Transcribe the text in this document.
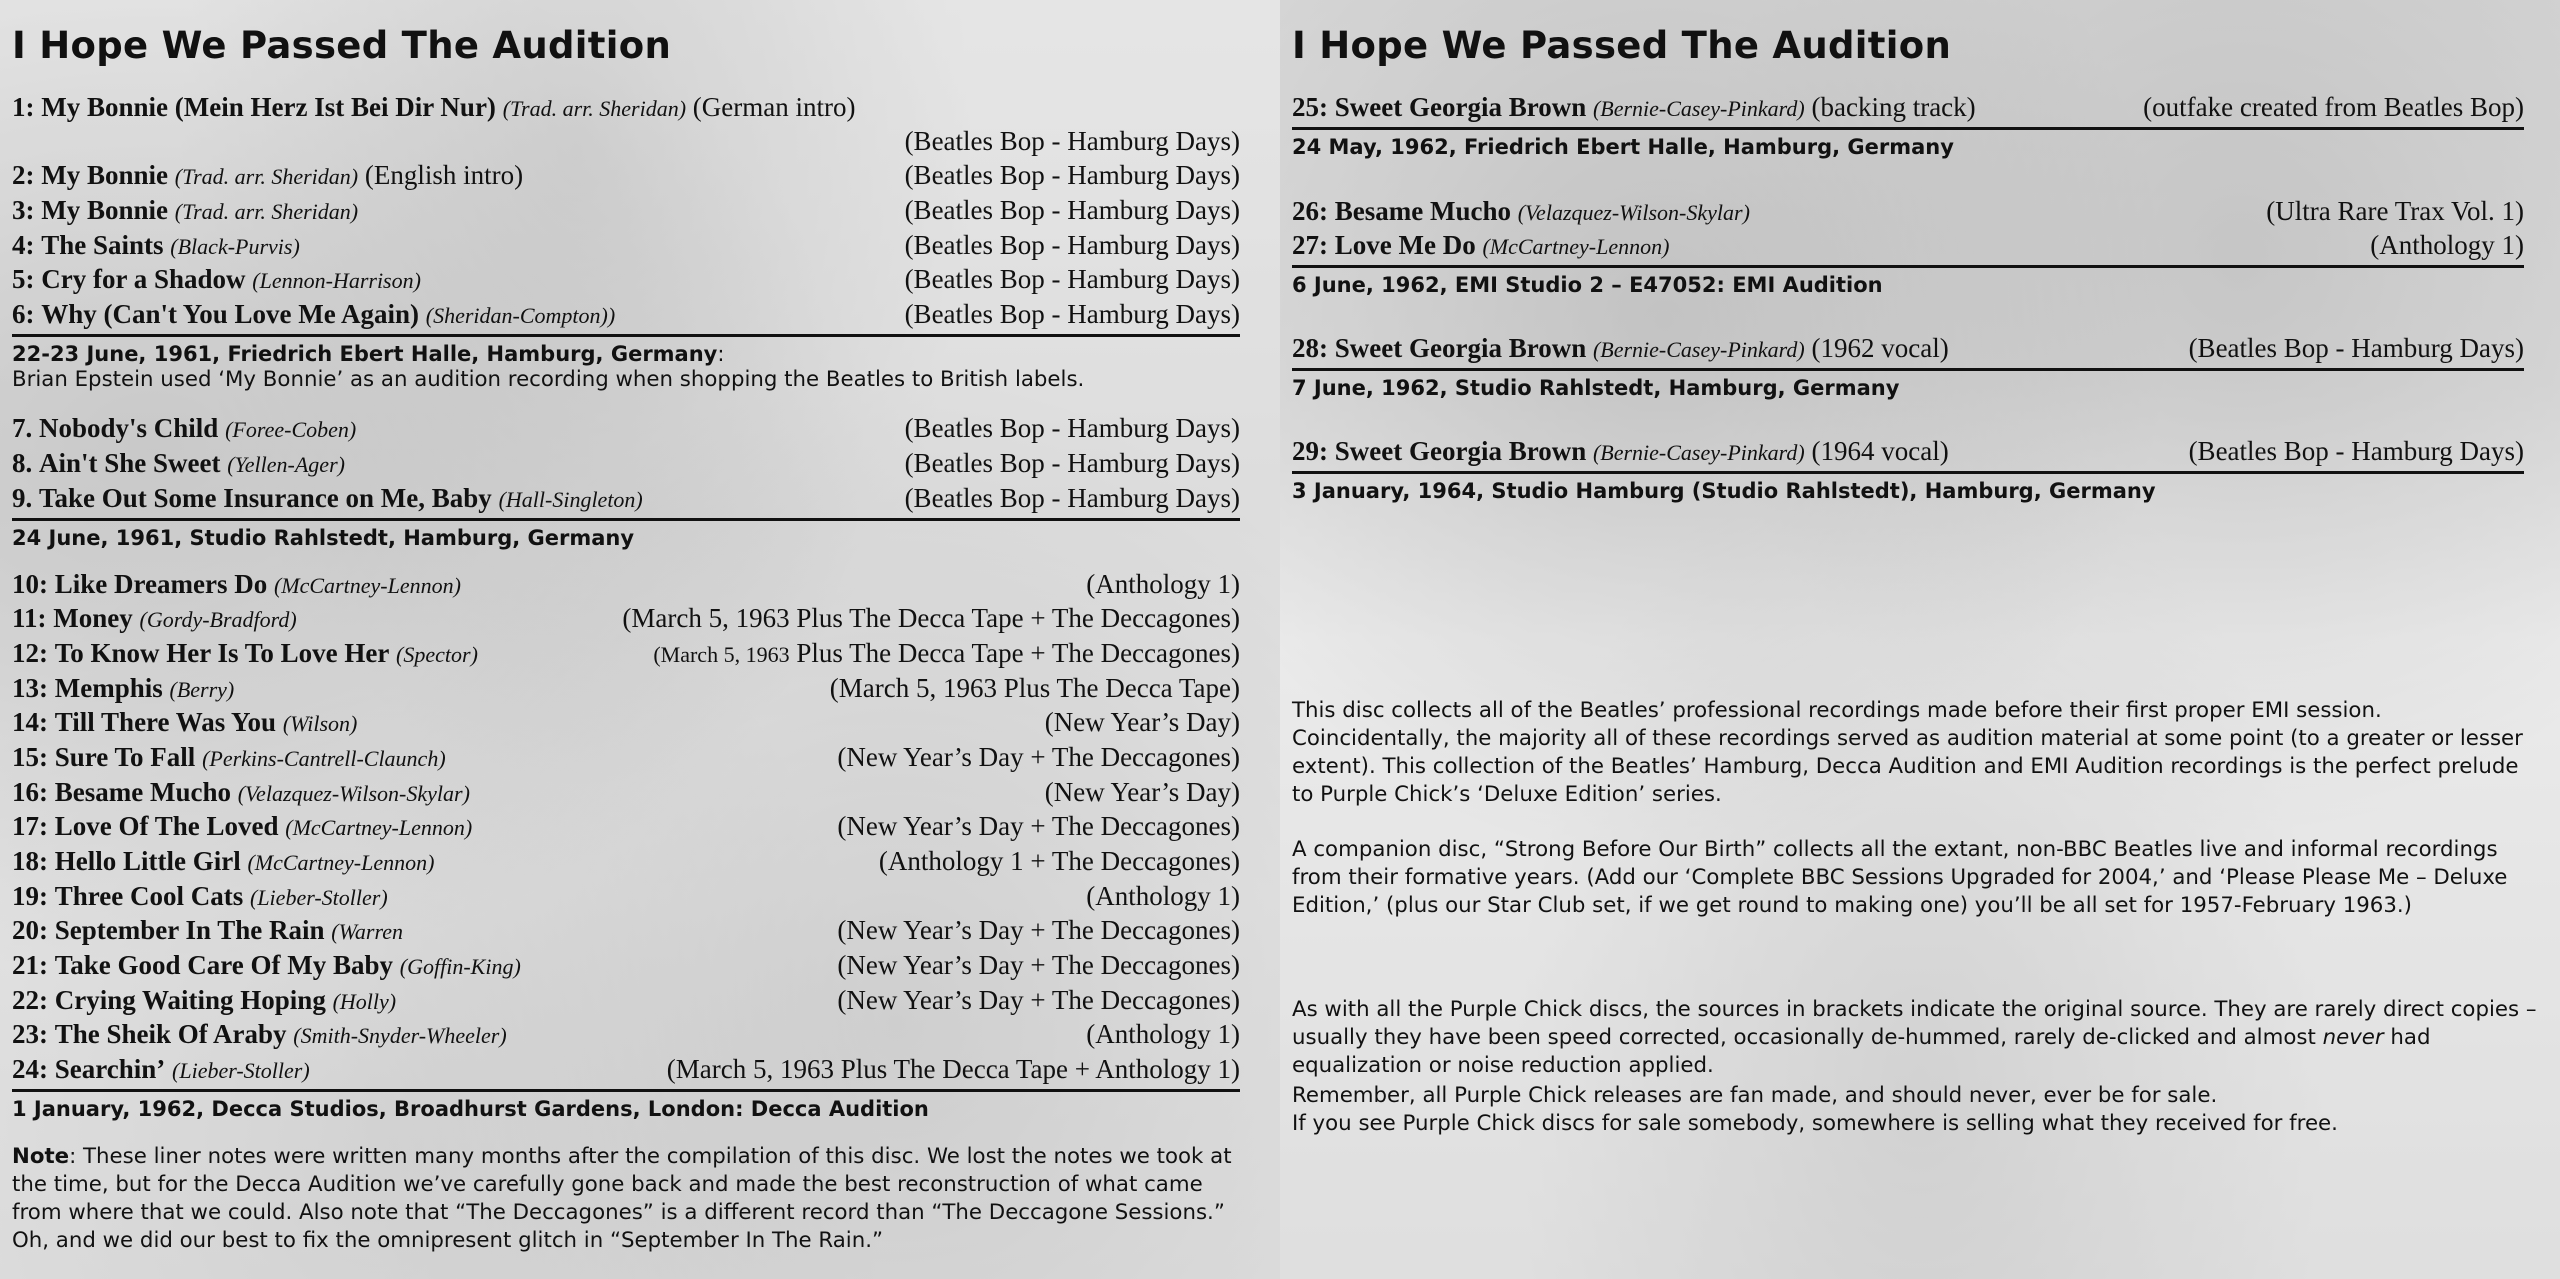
I Hope We Passed The Audition
1: My Bonnie (Mein Herz Ist Bei Dir Nur) (Trad. arr. Sheridan) (German intro)
(Beatles Bop - Hamburg Days)
2: My Bonnie (Trad. arr. Sheridan) (English intro)	(Beatles Bop - Hamburg Days)
3: My Bonnie (Trad. arr. Sheridan)	(Beatles Bop - Hamburg Days)
4: The Saints (Black-Purvis)	(Beatles Bop - Hamburg Days)
5: Cry for a Shadow (Lennon-Harrison)	(Beatles Bop - Hamburg Days)
6: Why (Can't You Love Me Again) (Sheridan-Compton))	(Beatles Bop - Hamburg Days)
22-23 June, 1961, Friedrich Ebert Halle, Hamburg, Germany:
Brian Epstein used ‘My Bonnie’ as an audition recording when shopping the Beatles to British labels.
7. Nobody's Child (Foree-Coben)	(Beatles Bop - Hamburg Days)
8. Ain't She Sweet (Yellen-Ager)	(Beatles Bop - Hamburg Days)
9. Take Out Some Insurance on Me, Baby (Hall-Singleton)	(Beatles Bop - Hamburg Days)
24 June, 1961, Studio Rahlstedt, Hamburg, Germany
10: Like Dreamers Do (McCartney-Lennon)	(Anthology 1)
11: Money (Gordy-Bradford)	(March 5, 1963 Plus The Decca Tape + The Deccagones)
12: To Know Her Is To Love Her (Spector)	(March 5, 1963 Plus The Decca Tape + The Deccagones)
13: Memphis (Berry)	(March 5, 1963 Plus The Decca Tape)
14: Till There Was You (Wilson)	(New Year’s Day)
15: Sure To Fall (Perkins-Cantrell-Claunch)	(New Year’s Day + The Deccagones)
16: Besame Mucho (Velazquez-Wilson-Skylar)	(New Year’s Day)
17: Love Of The Loved (McCartney-Lennon)	(New Year’s Day + The Deccagones)
18: Hello Little Girl (McCartney-Lennon)	(Anthology 1 + The Deccagones)
19: Three Cool Cats (Lieber-Stoller)	(Anthology 1)
20: September In The Rain (Warren	(New Year’s Day + The Deccagones)
21: Take Good Care Of My Baby (Goffin-King)	(New Year’s Day + The Deccagones)
22: Crying Waiting Hoping (Holly)	(New Year’s Day + The Deccagones)
23: The Sheik Of Araby (Smith-Snyder-Wheeler)	(Anthology 1)
24: Searchin’ (Lieber-Stoller)	(March 5, 1963 Plus The Decca Tape + Anthology 1)
1 January, 1962, Decca Studios, Broadhurst Gardens, London: Decca Audition
Note: These liner notes were written many months after the compilation of this disc. We lost the notes we took at the time, but for the Decca Audition we’ve carefully gone back and made the best reconstruction of what came from where that we could. Also note that “The Deccagones” is a different record than “The Deccagone Sessions.” Oh, and we did our best to fix the omnipresent glitch in “September In The Rain.”
I Hope We Passed The Audition
25: Sweet Georgia Brown (Bernie-Casey-Pinkard) (backing track)	(outfake created from Beatles Bop)
24 May, 1962, Friedrich Ebert Halle, Hamburg, Germany
26: Besame Mucho (Velazquez-Wilson-Skylar)	(Ultra Rare Trax Vol. 1)
27: Love Me Do (McCartney-Lennon)	(Anthology 1)
6 June, 1962, EMI Studio 2 – E47052: EMI Audition
28: Sweet Georgia Brown (Bernie-Casey-Pinkard) (1962 vocal)	(Beatles Bop - Hamburg Days)
7 June, 1962, Studio Rahlstedt, Hamburg, Germany
29: Sweet Georgia Brown (Bernie-Casey-Pinkard) (1964 vocal)	(Beatles Bop - Hamburg Days)
3 January, 1964, Studio Hamburg (Studio Rahlstedt), Hamburg, Germany
This disc collects all of the Beatles’ professional recordings made before their first proper EMI session. Coincidentally, the majority all of these recordings served as audition material at some point (to a greater or lesser extent). This collection of the Beatles’ Hamburg, Decca Audition and EMI Audition recordings is the perfect prelude to Purple Chick’s ‘Deluxe Edition’ series.
A companion disc, “Strong Before Our Birth” collects all the extant, non-BBC Beatles live and informal recordings from their formative years. (Add our ‘Complete BBC Sessions Upgraded for 2004,’ and ‘Please Please Me – Deluxe Edition,’ (plus our Star Club set, if we get round to making one) you’ll be all set for 1957-February 1963.)
As with all the Purple Chick discs, the sources in brackets indicate the original source. They are rarely direct copies – usually they have been speed corrected, occasionally de-hummed, rarely de-clicked and almost never had equalization or noise reduction applied.
Remember, all Purple Chick releases are fan made, and should never, ever be for sale.
If you see Purple Chick discs for sale somebody, somewhere is selling what they received for free.
